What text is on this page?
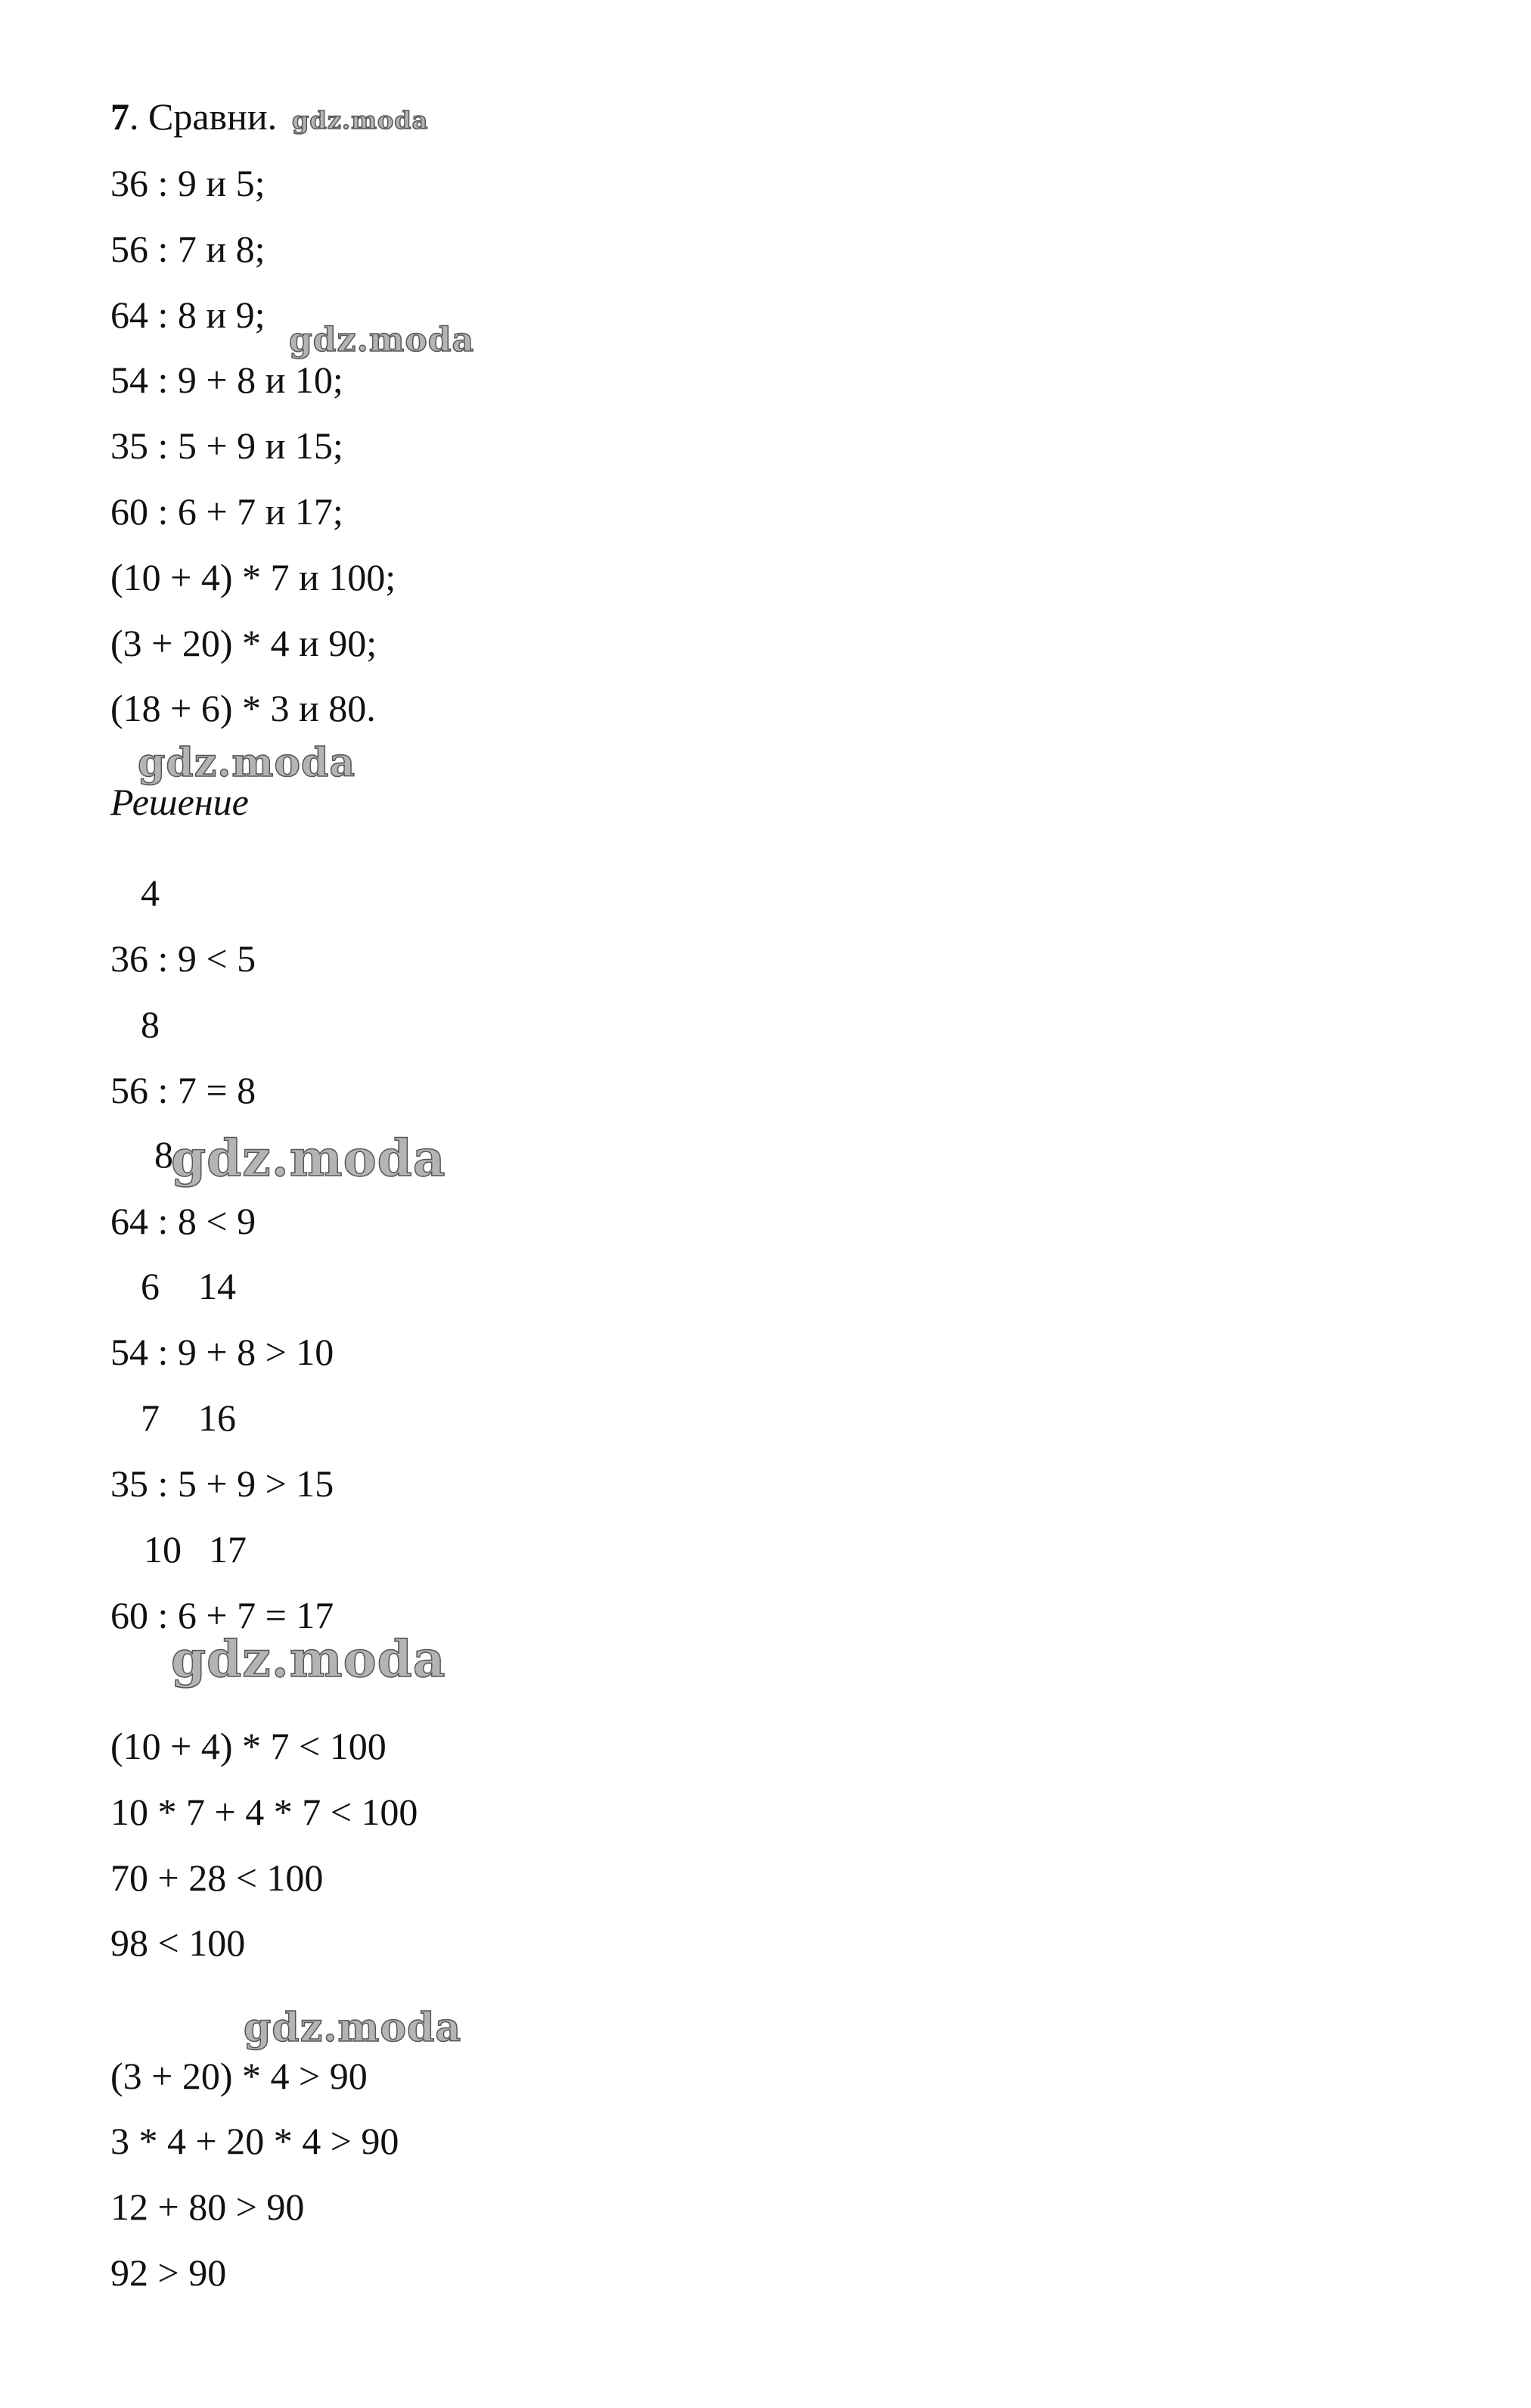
7. Сравни.
36 : 9 и 5;
56 : 7 и 8;
64 : 8 и 9;
54 : 9 + 8 и 10;
35 : 5 + 9 и 15;
60 : 6 + 7 и 17;
(10 + 4) * 7 и 100;
(3 + 20) * 4 и 90;
(18 + 6) * 3 и 80.
Решение
4
36 : 9 < 5
8
56 : 7 = 8
8
64 : 8 < 9
6 14
54 : 9 + 8 > 10
7 16
35 : 5 + 9 > 15
10 17
60 : 6 + 7 = 17
(10 + 4) * 7 < 100
10 * 7 + 4 * 7 < 100
70 + 28 < 100
98 < 100
(3 + 20) * 4 > 90
3 * 4 + 20 * 4 > 90
12 + 80 > 90
92 > 90
gdz.moda
gdz.moda
gdz.moda
gdz.moda
gdz.moda
gdz.moda
